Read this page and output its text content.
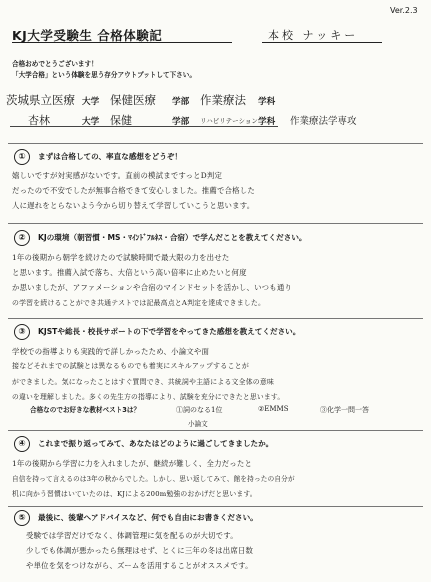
Ver.2.3
KJ大学受験生 合格体験記	本校 ナッキー
合格おめでとうございます！
「大学合格」という体験を思う存分アウトプットして下さい。
茨城県立医療 大学 保健医療 学部 作業療法 学科
杏林	大学 保健	学部 リハビリテーション 学科 作業療法学専攻
①	まずは合格しての、率直な感想をどうぞ！
嬉しいですが対実感がないです。直前の模試まですっとD判定
だったので不安でしたが無事合格できて安心しました。推薦で合格した
人に遅れをとらないよう今から切り替えて学習していこうと思います。
②	KJの環境（朝習慣・MS・ﾏｲﾝﾄﾞﾌﾙﾈｽ・合宿）で学んだことを教えてください。
1年の後期から朝学を続けたので試験時間で最大限の力を出せた
と思います。推薦入試で落ち、大倍という高い倍率に止めたいと何度
か思いましたが、アファメーションや合宿のマインドセットを活かし、いつも通り
の学習を続けることができ共通テストでは記最高点とA判定を達成できました。
③	KJSTや総長・校長サポートの下で学習をやってきた感想を教えてください。
学校での指導よりも実践的で詳しかったため、小論文や面
接などそれまでの試験とは異なるものでも着実にスキルアップすることが
ができました。気になったことはすぐ質問でき、共統詞や主語による文全体の意味
の違いを理解しました。多くの先生方の指導により、試験を充分にできたと思います。
合格なのでお好きな教材ベスト3は？	①詞のなる1位	②EMMS	③化学一問一答
小論文
④	これまで振り返ってみて、あなたはどのように過ごしてきましたか。
1年の後期から学習に力を入れましたが、継続が難しく、全力だったと
自信を持って言えるのは3年の秋からでした。しかし、思い返してみて、館を持ったの自分が
机に向かう習慣はいていたのは、KJによる200m勉強のおかげだと思います。
⑤	最後に、後輩へアドバイスなど、何でも自由にお書きください。
受験では学習だけでなく、体調管理に気を配るのが大切です。
少しでも体調が悪かったら無理はせず、とくに三年の冬は出席日数
や単位を気をつけながら、ズームを活用することがオススメです。
